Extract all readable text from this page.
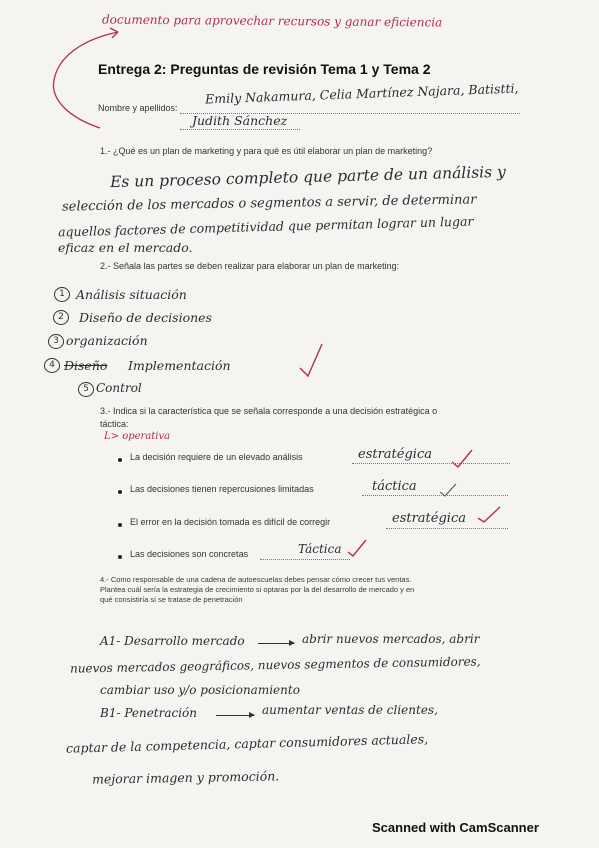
documento para aprovechar recursos y ganar eficiencia
Entrega 2: Preguntas de revisión Tema 1 y Tema 2
Nombre y apellidos:
Emily Nakamura, Celia Martínez Najara, Batistti,
Judith Sánchez
1.- ¿Qué es un plan de marketing y para qué es útil elaborar un plan de marketing?
Es un proceso completo que parte de un análisis y
selección de los mercados o segmentos a servir, de determinar
aquellos factores de competitividad que permitan lograr un lugar
eficaz en el mercado.
2.- Señala las partes se deben realizar para elaborar un plan de marketing:
1 Análisis situación
2	Diseño de decisiones
3 organización
4 Diseño Implementación
5 Control
3.- Indica si la característica que se señala corresponde a una decisión estratégica o
táctica:
L> operativa
La decisión requiere de un elevado análisis	estratégica
Las decisiones tienen repercusiones limitadas	táctica
El error en la decisión tomada es difícil de corregir	estratégica
Las decisiones son concretas	Táctica
4.- Como responsable de una cadena de autoescuelas debes pensar cómo crecer tus ventas.
Plantea cuál sería la estrategia de crecimiento si optaras por la del desarrollo de mercado y en
qué consistiría si se tratase de penetración
A1- Desarrollo mercado	abrir nuevos mercados, abrir
nuevos mercados geográficos, nuevos segmentos de consumidores,
cambiar uso y/o posicionamiento
B1- Penetración	aumentar ventas de clientes,
captar de la competencia, captar consumidores actuales,
mejorar imagen y promoción.
Scanned with CamScanner
